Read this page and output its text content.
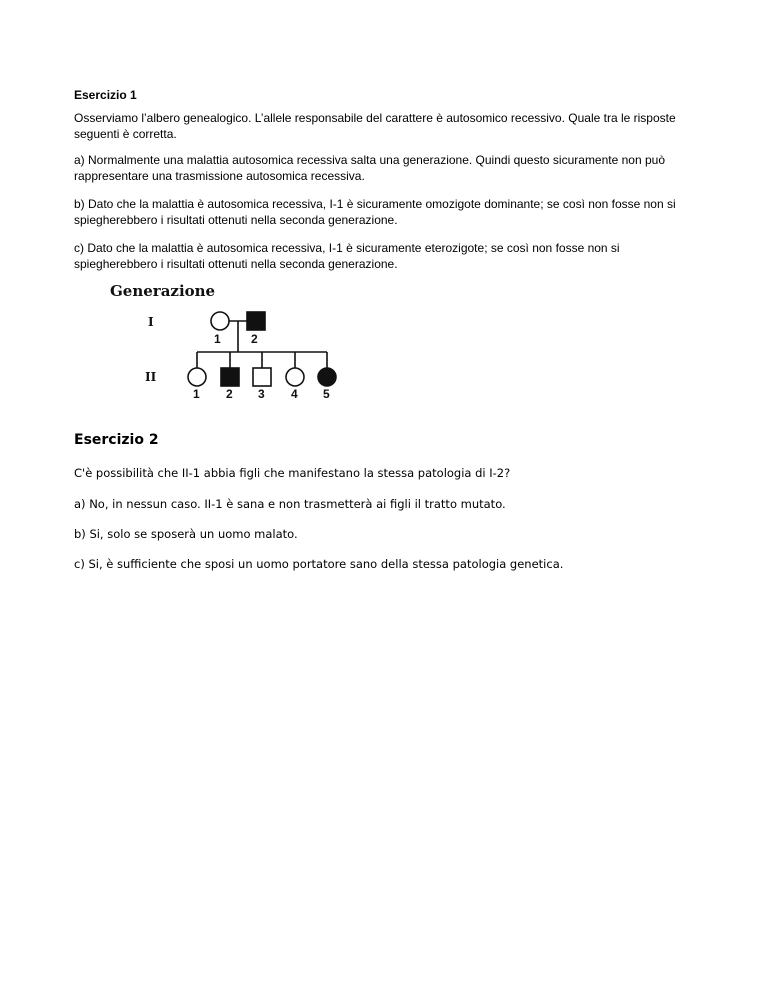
Esercizio 1

Osserviamo l’albero genealogico. L’allele responsabile del carattere è autosomico recessivo. Quale tra le risposte seguenti è corretta.

a) Normalmente una malattia autosomica recessiva salta una generazione. Quindi questo sicuramente non può rappresentare una trasmissione autosomica recessiva.

b) Dato che la malattia è autosomica recessiva, I-1 è sicuramente omozigote dominante; se così non fosse non si spiegherebbero i risultati ottenuti nella seconda generazione.

c) Dato che la malattia è autosomica recessiva, I-1 è sicuramente eterozigote; se così non fosse non si spiegherebbero i risultati ottenuti nella seconda generazione.

Generazione
I
II
1	2
1 2 3 4 5

Esercizio 2

C'è possibilità che II-1 abbia figli che manifestano la stessa patologia di I-2?

a) No, in nessun caso. II-1 è sana e non trasmetterà ai figli il tratto mutato.

b) Si, solo se sposerà un uomo malato.

c) Si, è sufficiente che sposi un uomo portatore sano della stessa patologia genetica.
